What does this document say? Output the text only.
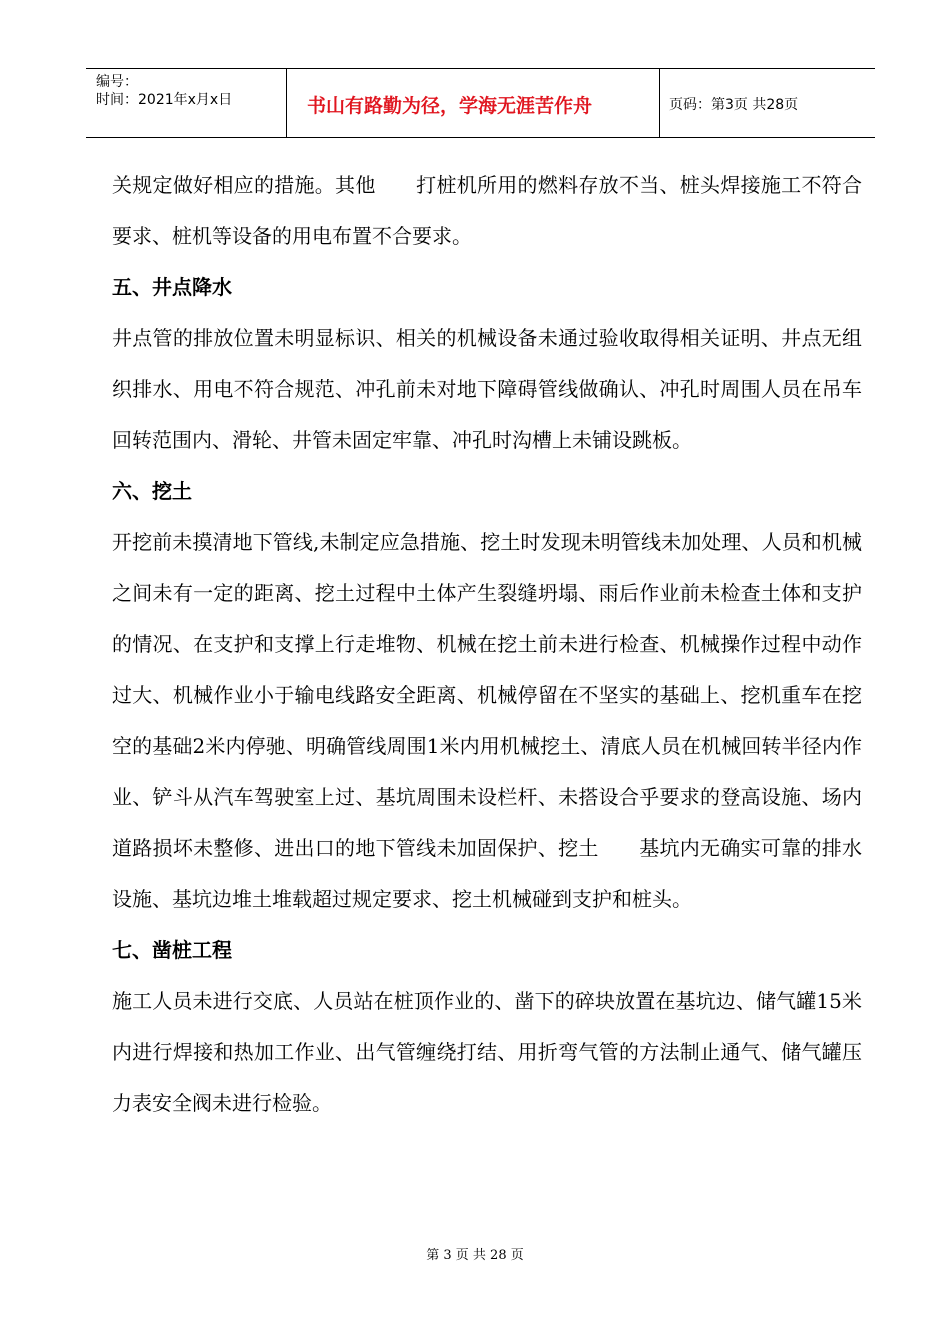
编号：
时间：2021年x月x日	书山有路勤为径，学海无涯苦作舟	页码：第3页 共28页

关规定做好相应的措施。其他　　打桩机所用的燃料存放不当、桩头焊接施工不符合要求、桩机等设备的用电布置不合要求。

五、井点降水

井点管的排放位置未明显标识、相关的机械设备未通过验收取得相关证明、井点无组织排水、用电不符合规范、冲孔前未对地下障碍管线做确认、冲孔时周围人员在吊车回转范围内、滑轮、井管未固定牢靠、冲孔时沟槽上未铺设跳板。

六、挖土

开挖前未摸清地下管线,未制定应急措施、挖土时发现未明管线未加处理、人员和机械之间未有一定的距离、挖土过程中土体产生裂缝坍塌、雨后作业前未检查土体和支护的情况、在支护和支撑上行走堆物、机械在挖土前未进行检查、机械操作过程中动作过大、机械作业小于输电线路安全距离、机械停留在不坚实的基础上、挖机重车在挖空的基础2米内停驰、明确管线周围1米内用机械挖土、清底人员在机械回转半径内作业、铲斗从汽车驾驶室上过、基坑周围未设栏杆、未搭设合乎要求的登高设施、场内道路损坏未整修、进出口的地下管线未加固保护、挖土　　基坑内无确实可靠的排水设施、基坑边堆土堆载超过规定要求、挖土机械碰到支护和桩头。

七、凿桩工程

施工人员未进行交底、人员站在桩顶作业的、凿下的碎块放置在基坑边、储气罐15米内进行焊接和热加工作业、出气管缠绕打结、用折弯气管的方法制止通气、储气罐压力表安全阀未进行检验。

第 3 页 共 28 页
